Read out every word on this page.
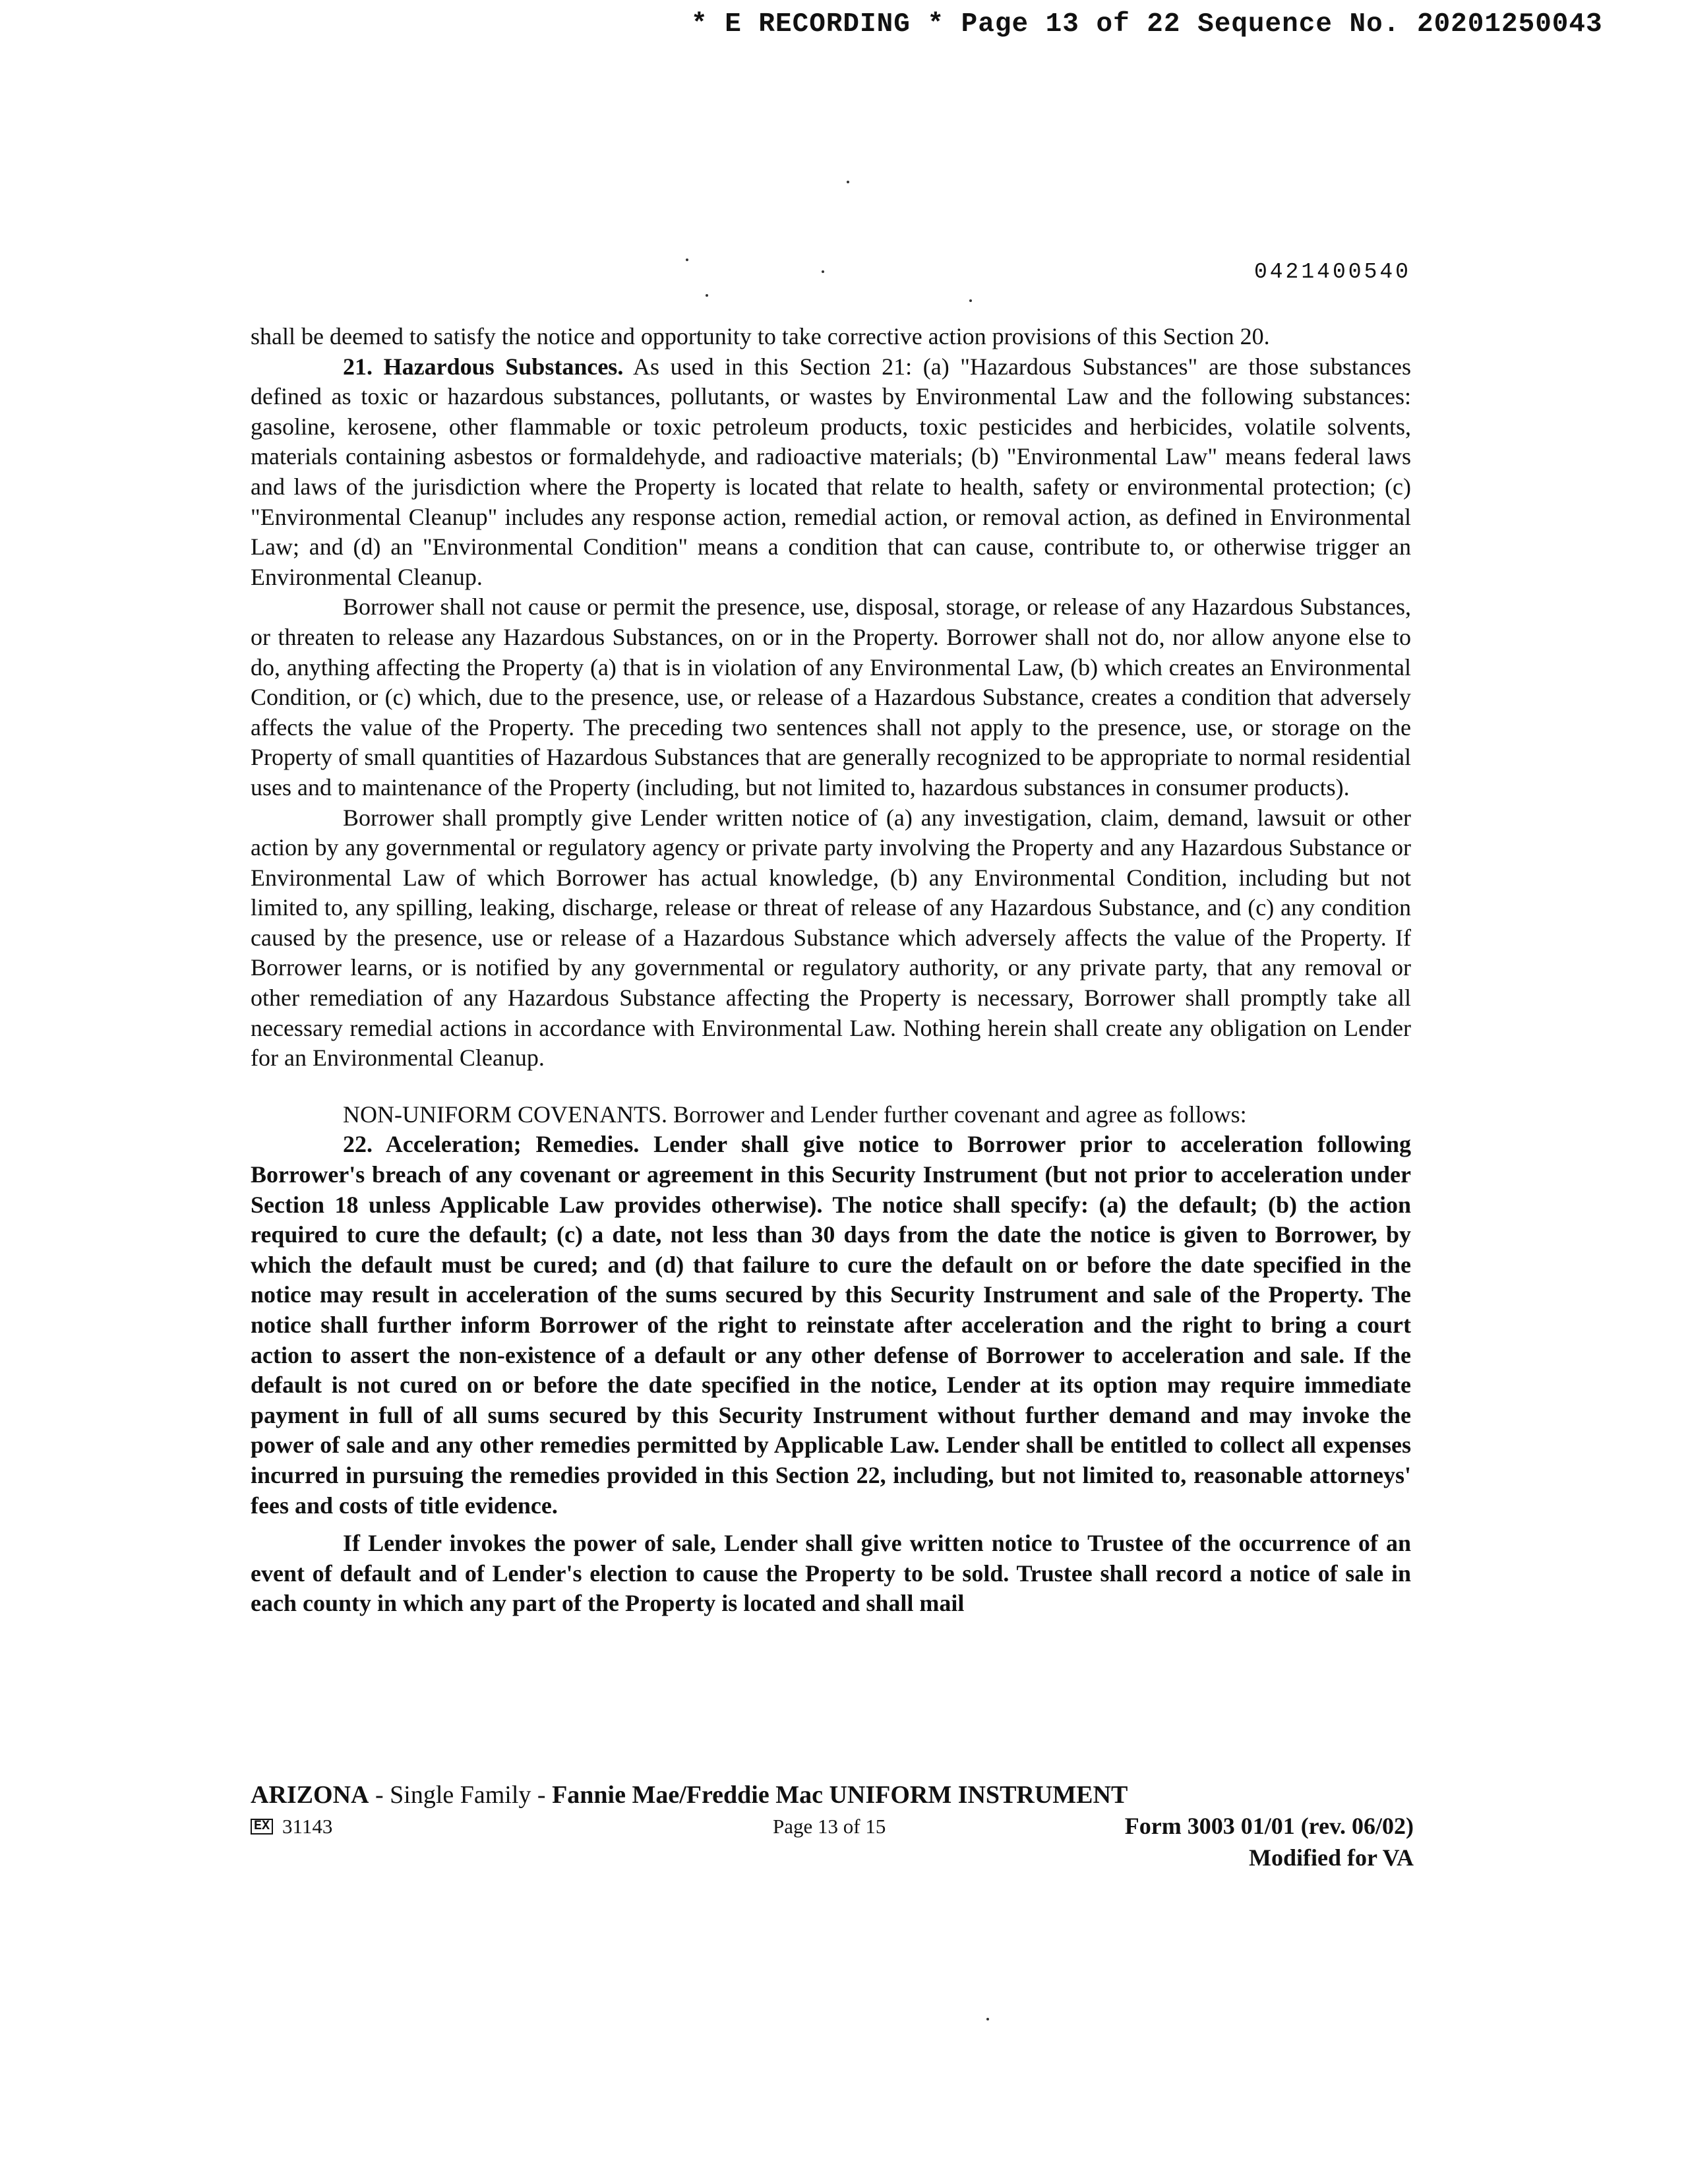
* E RECORDING * Page 13 of 22 Sequence No. 20201250043
0421400540

shall be deemed to satisfy the notice and opportunity to take corrective action provisions of this Section 20.

21. Hazardous Substances. As used in this Section 21: (a) "Hazardous Substances" are those substances defined as toxic or hazardous substances, pollutants, or wastes by Environmental Law and the following substances: gasoline, kerosene, other flammable or toxic petroleum products, toxic pesticides and herbicides, volatile solvents, materials containing asbestos or formaldehyde, and radioactive materials; (b) "Environmental Law" means federal laws and laws of the jurisdiction where the Property is located that relate to health, safety or environmental protection; (c) "Environmental Cleanup" includes any response action, remedial action, or removal action, as defined in Environmental Law; and (d) an "Environmental Condition" means a condition that can cause, contribute to, or otherwise trigger an Environmental Cleanup.

Borrower shall not cause or permit the presence, use, disposal, storage, or release of any Hazardous Substances, or threaten to release any Hazardous Substances, on or in the Property. Borrower shall not do, nor allow anyone else to do, anything affecting the Property (a) that is in violation of any Environmental Law, (b) which creates an Environmental Condition, or (c) which, due to the presence, use, or release of a Hazardous Substance, creates a condition that adversely affects the value of the Property. The preceding two sentences shall not apply to the presence, use, or storage on the Property of small quantities of Hazardous Substances that are generally recognized to be appropriate to normal residential uses and to maintenance of the Property (including, but not limited to, hazardous substances in consumer products).

Borrower shall promptly give Lender written notice of (a) any investigation, claim, demand, lawsuit or other action by any governmental or regulatory agency or private party involving the Property and any Hazardous Substance or Environmental Law of which Borrower has actual knowledge, (b) any Environmental Condition, including but not limited to, any spilling, leaking, discharge, release or threat of release of any Hazardous Substance, and (c) any condition caused by the presence, use or release of a Hazardous Substance which adversely affects the value of the Property. If Borrower learns, or is notified by any governmental or regulatory authority, or any private party, that any removal or other remediation of any Hazardous Substance affecting the Property is necessary, Borrower shall promptly take all necessary remedial actions in accordance with Environmental Law. Nothing herein shall create any obligation on Lender for an Environmental Cleanup.

NON-UNIFORM COVENANTS. Borrower and Lender further covenant and agree as follows:

22. Acceleration; Remedies. Lender shall give notice to Borrower prior to acceleration following Borrower's breach of any covenant or agreement in this Security Instrument (but not prior to acceleration under Section 18 unless Applicable Law provides otherwise). The notice shall specify: (a) the default; (b) the action required to cure the default; (c) a date, not less than 30 days from the date the notice is given to Borrower, by which the default must be cured; and (d) that failure to cure the default on or before the date specified in the notice may result in acceleration of the sums secured by this Security Instrument and sale of the Property. The notice shall further inform Borrower of the right to reinstate after acceleration and the right to bring a court action to assert the non-existence of a default or any other defense of Borrower to acceleration and sale. If the default is not cured on or before the date specified in the notice, Lender at its option may require immediate payment in full of all sums secured by this Security Instrument without further demand and may invoke the power of sale and any other remedies permitted by Applicable Law. Lender shall be entitled to collect all expenses incurred in pursuing the remedies provided in this Section 22, including, but not limited to, reasonable attorneys' fees and costs of title evidence.

If Lender invokes the power of sale, Lender shall give written notice to Trustee of the occurrence of an event of default and of Lender's election to cause the Property to be sold. Trustee shall record a notice of sale in each county in which any part of the Property is located and shall mail

ARIZONA - Single Family - Fannie Mae/Freddie Mac UNIFORM INSTRUMENT
EX 31143	Page 13 of 15	Form 3003 01/01 (rev. 06/02)
Modified for VA
